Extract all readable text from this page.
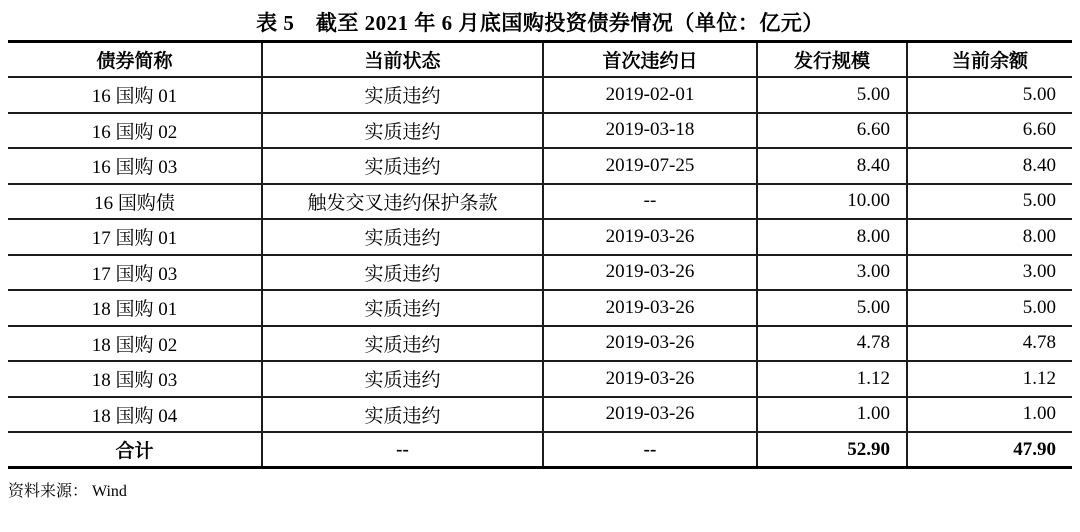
表 5　截至 2021 年 6 月底国购投资债券情况（单位：亿元）
债券简称	当前状态	首次违约日	发行规模	当前余额
16 国购 01	实质违约	2019-02-01	5.00	5.00
16 国购 02	实质违约	2019-03-18	6.60	6.60
16 国购 03	实质违约	2019-07-25	8.40	8.40
16 国购债	触发交叉违约保护条款	--	10.00	5.00
17 国购 01	实质违约	2019-03-26	8.00	8.00
17 国购 03	实质违约	2019-03-26	3.00	3.00
18 国购 01	实质违约	2019-03-26	5.00	5.00
18 国购 02	实质违约	2019-03-26	4.78	4.78
18 国购 03	实质违约	2019-03-26	1.12	1.12
18 国购 04	实质违约	2019-03-26	1.00	1.00
合计	--	--	52.90	47.90
资料来源： Wind
